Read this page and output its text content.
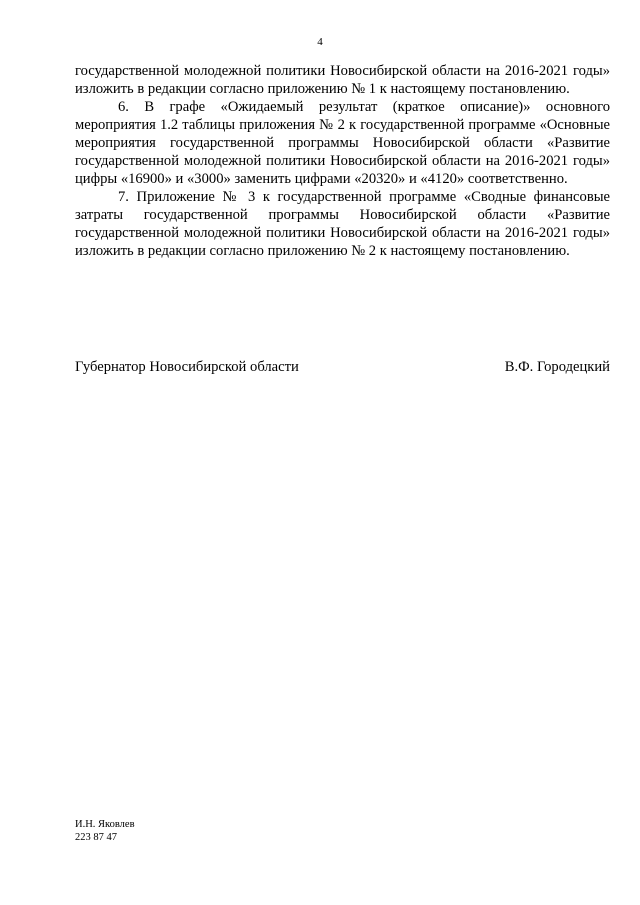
4

государственной молодежной политики Новосибирской области на 2016-2021 годы» изложить в редакции согласно приложению № 1 к настоящему постановлению.

6. В графе «Ожидаемый результат (краткое описание)» основного мероприятия 1.2 таблицы приложения № 2 к государственной программе «Основные мероприятия государственной программы Новосибирской области «Развитие государственной молодежной политики Новосибирской области на 2016-2021 годы» цифры «16900» и «3000» заменить цифрами «20320» и «4120» соответственно.

7. Приложение № 3 к государственной программе «Сводные финансовые затраты государственной программы Новосибирской области «Развитие государственной молодежной политики Новосибирской области на 2016-2021 годы» изложить в редакции согласно приложению № 2 к настоящему постановлению.

Губернатор Новосибирской области	В.Ф. Городецкий
И.Н. Яковлев
223 87 47
